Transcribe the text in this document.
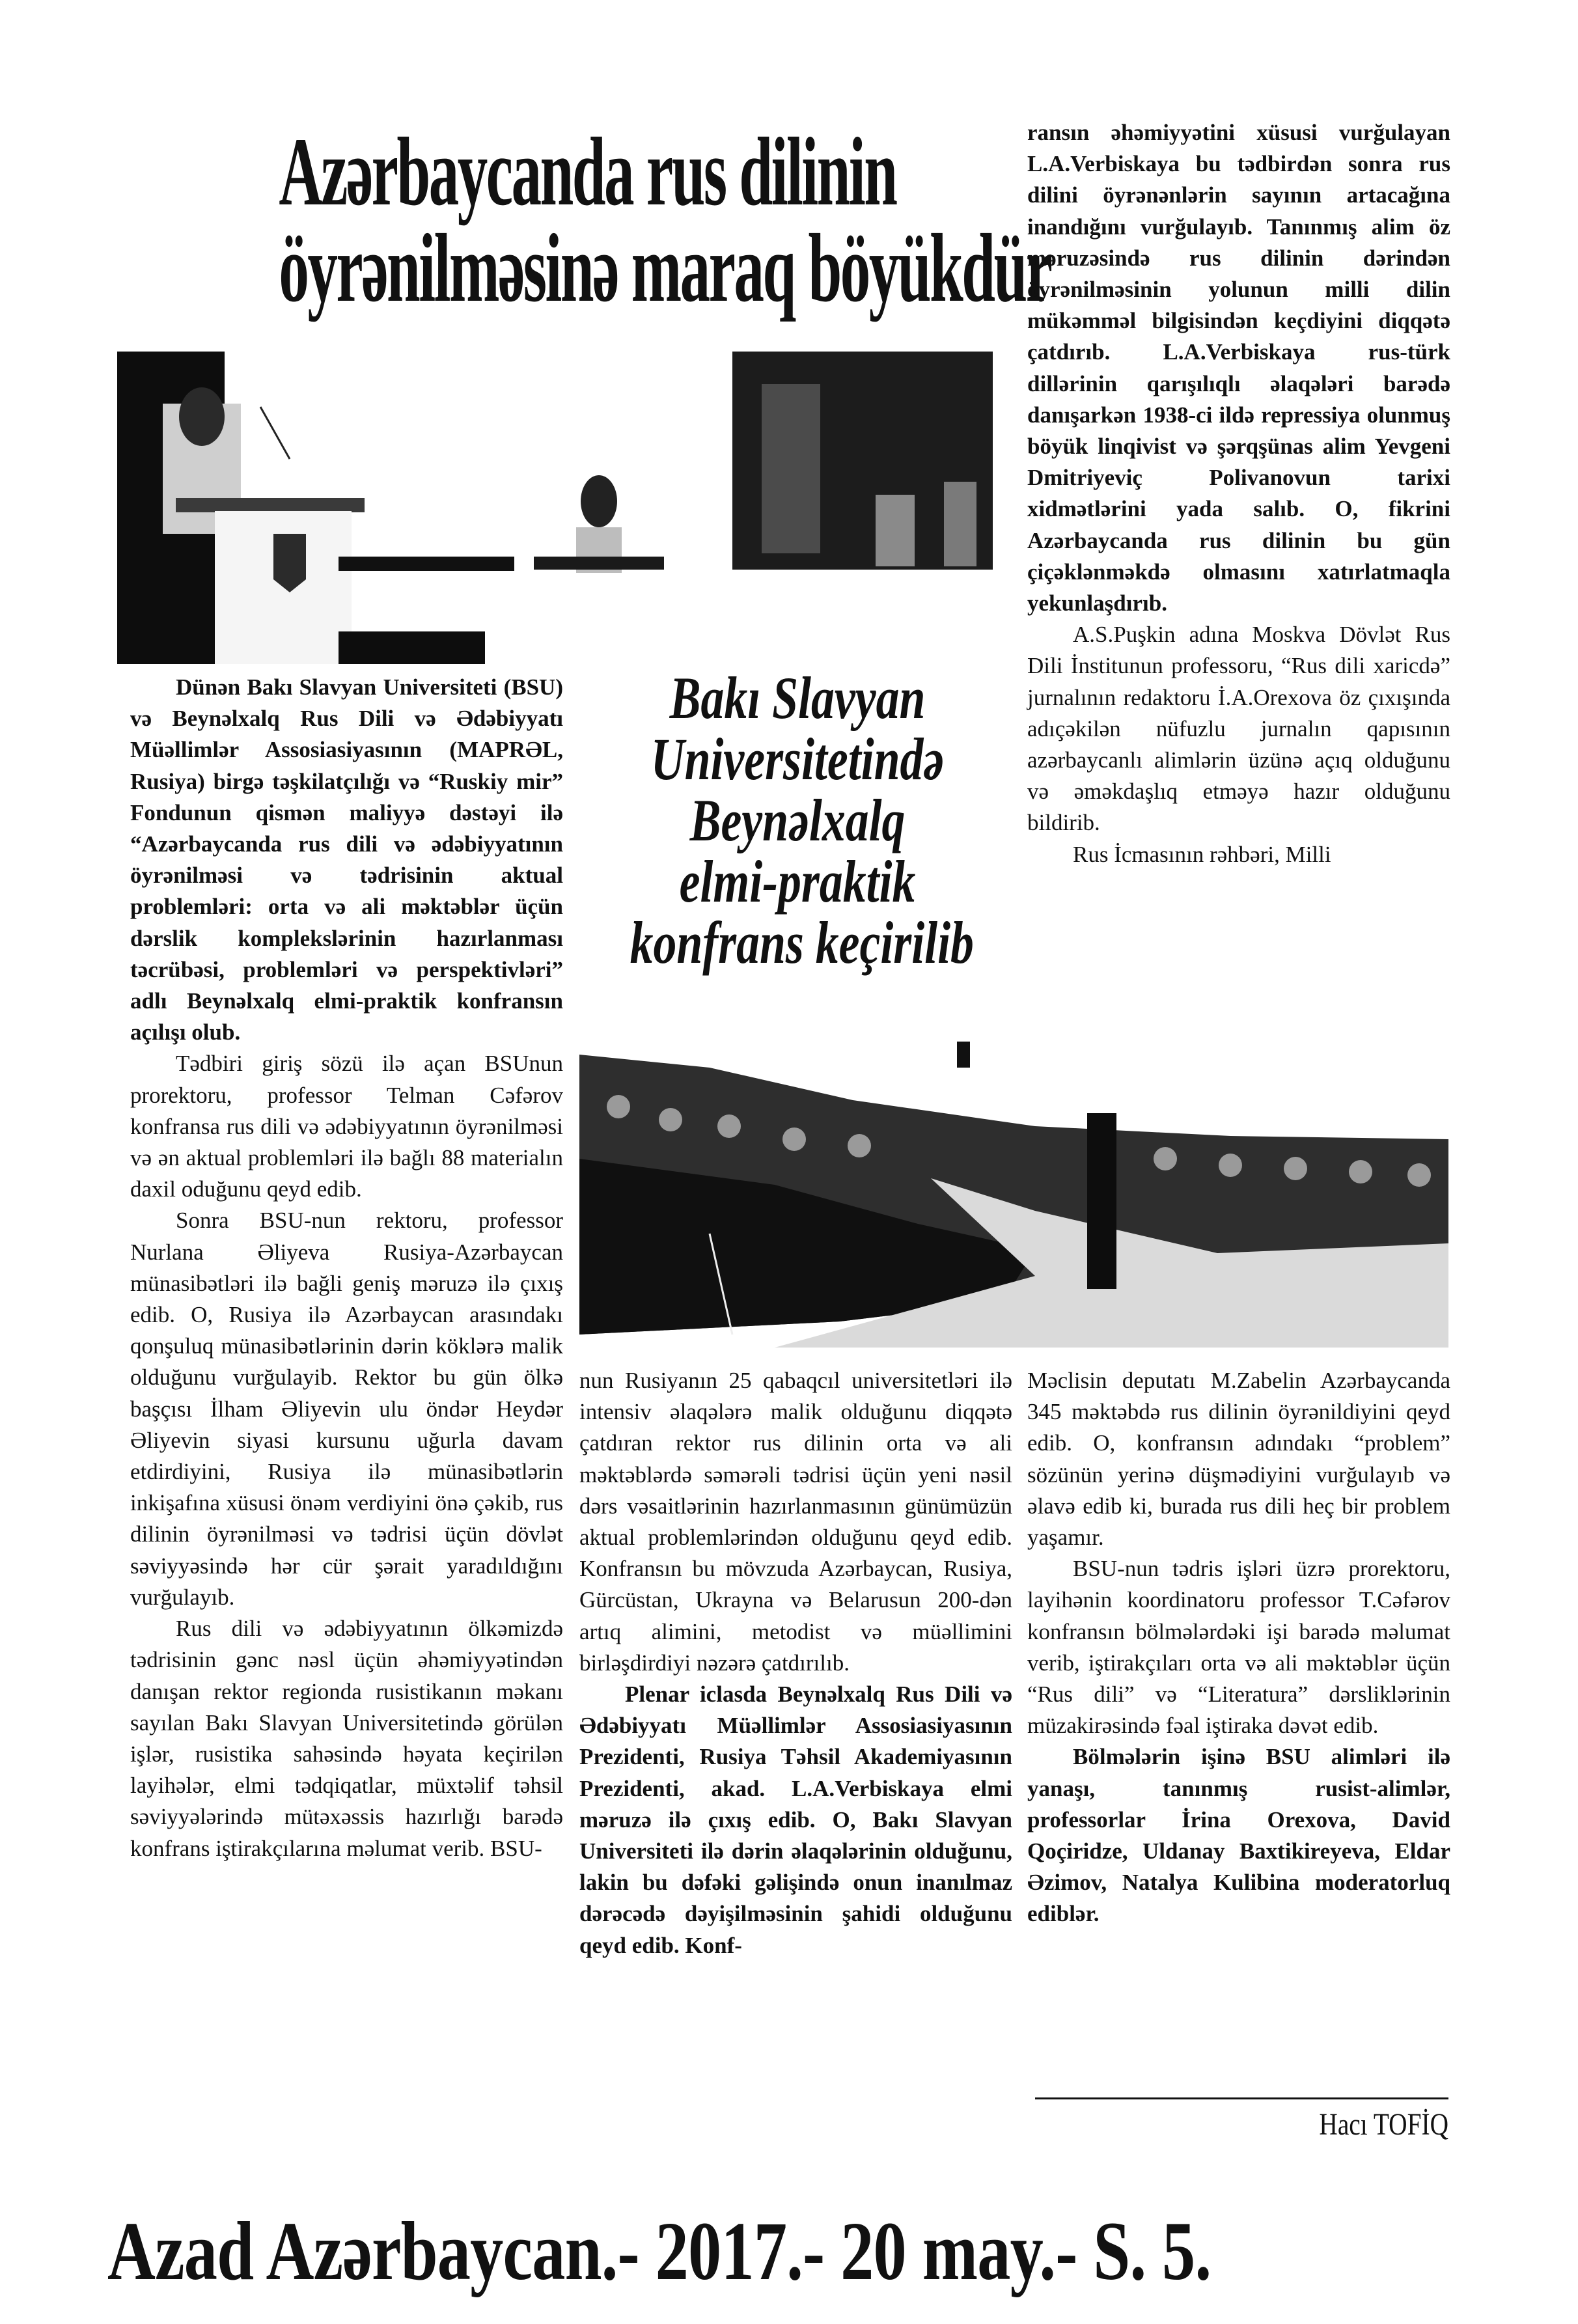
Azərbaycanda rus dilinin
öyrənilməsinə maraq böyükdür

Dünən Bakı Slavyan Universiteti (BSU) və Beynəlxalq Rus Dili və Ədəbiyyatı Müəllimlər Assosiasiyasının (MAPRƏL, Rusiya) birgə təşkilatçılığı və “Ruskiy mir” Fondunun qismən maliyyə dəstəyi ilə “Azərbaycanda rus dili və ədəbiyyatının öyrənilməsi və tədrisinin aktual problemləri: orta və ali məktəblər üçün dərslik komplekslərinin hazırlanması təcrübəsi, problemləri və perspektivləri” adlı Beynəlxalq elmi-praktik konfransın açılışı olub.

Tədbiri giriş sözü ilə açan BSUnun prorektoru, professor Telman Cəfərov konfransa rus dili və ədəbiyyatının öyrənilməsi və ən aktual problemləri ilə bağlı 88 materialın daxil oduğunu qeyd edib.

Sonra BSU-nun rektoru, professor Nurlana Əliyeva Rusiya-Azərbaycan münasibətləri ilə bağli geniş məruzə ilə çıxış edib. O, Rusiya ilə Azərbaycan arasındakı qonşuluq münasibətlərinin dərin köklərə malik olduğunu vurğulayib. Rektor bu gün ölkə başçısı İlham Əliyevin ulu öndər Heydər Əliyevin siyasi kursunu uğurla davam etdirdiyini, Rusiya ilə münasibətlərin inkişafına xüsusi önəm verdiyini önə çəkib, rus dilinin öyrənilməsi və tədrisi üçün dövlət səviyyəsində hər cür şərait yaradıldığını vurğulayıb.

Rus dili və ədəbiyyatının ölkəmizdə tədrisinin gənc nəsl üçün əhəmiyyətindən danışan rektor regionda rusistikanın məkanı sayılan Bakı Slavyan Universitetində görülən işlər, rusistika sahəsində həyata keçirilən layihələr, elmi tədqiqatlar, müxtəlif təhsil səviyyələrində mütəxəssis hazırlığı barədə konfrans iştirakçılarına məlumat verib. BSU-

Bakı Slavyan
Universitetində
Beynəlxalq
elmi-praktik
konfrans keçirilib

nun Rusiyanın 25 qabaqcıl universitetləri ilə intensiv əlaqələrə malik olduğunu diqqətə çatdıran rektor rus dilinin orta və ali məktəblərdə səmərəli tədrisi üçün yeni nəsil dərs vəsaitlərinin hazırlanmasının günümüzün aktual problemlərindən olduğunu qeyd edib. Konfransın bu mövzuda Azərbaycan, Rusiya, Gürcüstan, Ukrayna və Belarusun 200-dən artıq alimini, metodist və müəllimini birləşdirdiyi nəzərə çatdırılıb.

Plenar iclasda Beynəlxalq Rus Dili və Ədəbiyyatı Müəllimlər Assosiasiyasının Prezidenti, Rusiya Təhsil Akademiyasının Prezidenti, akad. L.A.Verbiskaya elmi məruzə ilə çıxış edib. O, Bakı Slavyan Universiteti ilə dərin əlaqələrinin olduğunu, lakin bu dəfəki gəlişində onun inanılmaz dərəcədə dəyişilməsinin şahidi olduğunu qeyd edib. Konf-

ransın əhəmiyyətini xüsusi vurğulayan L.A.Verbiskaya bu tədbirdən sonra rus dilini öyrənənlərin sayının artacağına inandığını vurğulayıb. Tanınmış alim öz məruzəsində rus dilinin dərindən öyrənilməsinin yolunun milli dilin mükəmməl bilgisindən keçdiyini diqqətə çatdırıb. L.A.Verbiskaya rus-türk dillərinin qarışılıqlı əlaqələri barədə danışarkən 1938-ci ildə repressiya olunmuş böyük linqivist və şərqşünas alim Yevgeni Dmitriyeviç Polivanovun tarixi xidmətlərini yada salıb. O, fikrini Azərbaycanda rus dilinin bu gün çiçəklənməkdə olmasını xatırlatmaqla yekunlaşdırıb.

A.S.Puşkin adına Moskva Dövlət Rus Dili İnstitunun professoru, “Rus dili xaricdə” jurnalının redaktoru İ.A.Orexova öz çıxışında adıçəkilən nüfuzlu jurnalın qapısının azərbaycanlı alimlərin üzünə açıq olduğunu və əməkdaşlıq etməyə hazır olduğunu bildirib.

Rus İcmasının rəhbəri, Milli

Məclisin deputatı M.Zabelin Azərbaycanda 345 məktəbdə rus dilinin öyrənildiyini qeyd edib. O, konfransın adındakı “problem” sözünün yerinə düşmədiyini vurğulayıb və əlavə edib ki, burada rus dili heç bir problem yaşamır.

BSU-nun tədris işləri üzrə prorektoru, layihənin koordinatoru professor T.Cəfərov konfransın bölmələrdəki işi barədə məlumat verib, iştirakçıları orta və ali məktəblər üçün “Rus dili” və “Literatura” dərsliklərinin müzakirəsində fəal iştiraka dəvət edib.

Bölmələrin işinə BSU alimləri ilə yanaşı, tanınmış rusist-alimlər, professorlar İrina Orexova, David Qoçiridze, Uldanay Baxtikireyeva, Eldar Əzimov, Natalya Kulibina moderatorluq ediblər.

Hacı TOFİQ
Azad Azərbaycan.- 2017.- 20 may.- S. 5.
